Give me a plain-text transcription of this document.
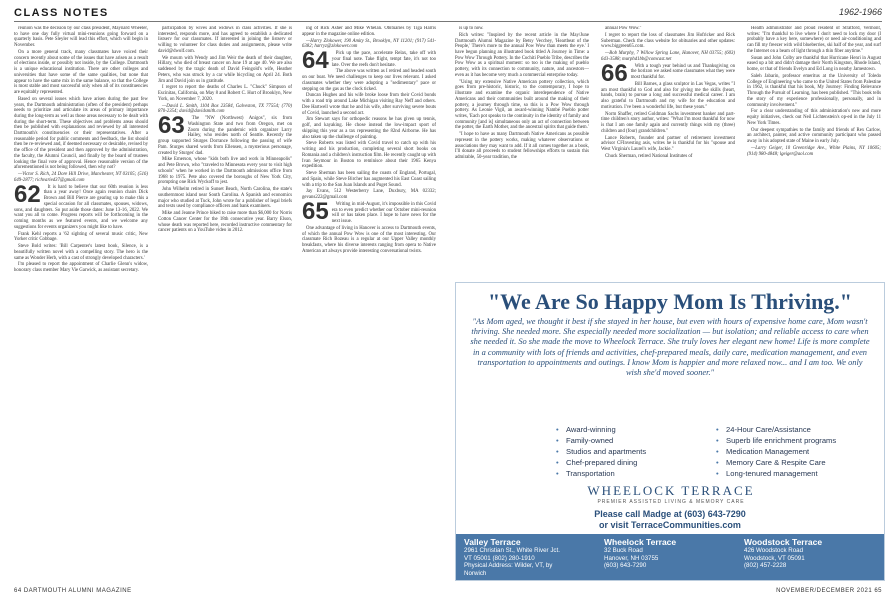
CLASS NOTES	1962-1966

reunion was the decision by our class president, Maynard Wheeler, to have one day fully virtual mini-reunions going forward on a quarterly basis. Pete Sleyler will lead this effort, which will begin in November.

On a more general track, many classmates have voiced their concern recently about some of the issues that have arisen as a result of elections inside, or possibly not inside, by the College. Dartmouth is a unique educational institution. There are other colleges and universities that have some of the same qualities, but none that appear to have the same mix in the same balance, so that the College is most stable and most successful only when all of its constituencies are equitably represented.

Based on several issues which have arisen during the past few years, the Dartmouth administration (often of the president) perhaps needs to prioritize and articulate its areas of primary importance during the long-term as well as those areas necessary to be dealt with during the short-term. These objectives and problems areas should then be published with explanations and reviewed by all interested Dartmouth's constituencies or their representatives. After a reasonable period for public comments and feedback, the list should then be re-reviewed and, if deemed necessary or desirable, revised by the office of the president and then approved by the administration, the faculty, the Alumni Council, and finally by the board of trustees looking the final vote of approval. Hence reasonable version of the aforementioned is not being followed, then why not?

—Victor S. Rich, 24 Dore Hill Drive, Manchester, NT 03105; (516) 649-2877; richvaried37@gmail.com

62	It is hard to believe that our 60th reunion is less than a year away! Once again reunion chairs Dick Brown and Bill Pierce are gearing up to make this a special occasion for all classmates, spouses, widows, sons, and daughters. So put aside those dates: June 13-16, 2022. We want you all to come. Progress reports will be forthcoming in the coming months as we featured events, and we welcome any suggestions for events organizers you might like to have.

Frank Kehl reports a '62 sighting of several music critic, New Yorker critic Cobbage.

Steve Bold writes: 'Bill Carpenter's latest book, Silence, is a beautifully written novel with a compelling story. The hero is the same as Wonder Herb, with a cast of strongly developed characters.'

I'm pleased to report the appointment of Charlie Glenn's widow, honorary class member Mary Vie Garwick, as assistant secretary.

participation by wives and widows in class activities. If she is interested, responds more, and has agreed to establish a dedicated listserv for our classmates. If interested in joining the listserv or willing to volunteer for class duties and assignments, please write david@dwolf.com.

We mourn with Wendy and Jim Weir the death of their daughter, Hillary, who died of breast cancer on June 19 at age 40. We are also saddened by the tragic death of David Feingold's wife, Heather Peters, who was struck by a car while bicycling on April 24. Both Jim and David join us in gratitude.

I regret to report the deaths of Charles L. "Chuck" Simpson of Escinitas, California, on May 8 and Robert C. Hurt of Brooklyn, New York, on November 7, 2020.

—David L. Smith, 1104 Box 23584, Galveston, TX 77554; (770) 870-2354; david@davidsmith.com

63	The "NW (Northwest) Anigos", six from Washington State and two from Oregon, met on Zoom during the pandemic with organizer Larry Hailey, who resides north of Seattle. Recently the group supported Sturges Dorrance following the passing of wife Pam. Sturges shared words from Ellensen, a mysterious personage, created by Sturges' dad.

Mike Emerson, whose "kids both live and work in Minneapolis" and Pete Brown, who "traveled to Minnesota every year to visit high schools" when he worked in the Dartmouth admissions office from 1968 to 1975. Pete also covered the boroughs of New York City, prompting one Rick Wyckoff to jest.

John Wilhelm retired in Sunset Beach, North Carolina, the state's southernmost island near South Carolina. A Spanish and economics major who studied at Tuck, John wrote for a publisher of legal briefs and texts used by compliance officers and bank examiners.

Mike and Jeanne Prince biked to raise more than $6,000 for Norris Cotton Cancer Center for the 18th consecutive year. Barry Elson, whose death was reported here, recorded instructive commentary for cancer patients on a YouTube video in 2012.

ing of Rick Asher and Mike Whelan. Obituaries by Tiga Harris appear in the magazine online edition.

—Harry Zlokower, 190 Amity St., Brooklyn, NY 11201; (917) 541-6382; harryz@zlokower.com

64	Pick up the pace, accelerate Relax, take off with your final note. Take flight, tempt fate, it's not too late. Over the reefs don't hesitate.

The above was written as I retired and headed south on our boat. We need challenges to keep our lives relevant. I asked classmates whether they were adopting a "sedimentary" pace or stepping on the gas as the clock ticked.

Duncan Hughes and his wife broke loose from their Covid bonds with a road trip around Lake Michigan visiting Ray Neff and others. Dee Hartwell wrote that he and his wife, after surviving severe bouts of Covid, launched a second act.

Jim Stewart says for orthopedic reasons he has given up tennis, golf, and kayaking. He chose instead the low-impact sport of skipping this year as a tax representing the 82nd Airborne. He has also taken up the challenge of painting.

Steve Roberts was listed with Covid travel to catch up with his writing and his production, completing several short books on Romania and a children's instruction film. He recently caught up with Ivan Seymour in Boston to reminisce about their 1965 Kenya expedition.

Steve Sherman has been sailing the coasts of England, Portugal, and Spain, while Steve Bircher has augmented his East Coast sailing with a trip to the San Juan Islands and Puget Sound.

Jay Evans, 512 Westerberry Lane, Duxbury, MA 02332; gevans222@gmail.com

65	Writing in mid-August, it's impossible in this Covid era to even predict whether our October mini-reunion will or has taken place. I hope to have news for the next issue.

One advantage of living in Hanover is access to Dartmouth events, of which the annual Pow Wow is one of the most interesting. Our classmate Rich Bozeau is a regular at our Upper Valley monthly breakfasts, where his diverse interests ranging from opera to Native American art always provide interesting conversational twists.

is up to now.

Rich writes: "Inspired by the recent article in the May/June Dartmouth Alumni Magazine by Betsy Vecchey, 'Heartbeat of the People,' There's more to the annual Pow Wow than meets the eye.' I have begun planning an illustrated book titled A Journey in Time: a Pow Wow Through Pottery. In the Cochiti Pueblo Tribe, describes the Pow Wow as a spiritual moment: so too is the making of pueblo pottery, with its connection to community, nature, and ancestors—even as it has become very much a commercial enterprise today.

"Using my extensive Native American pottery collection, which goes from pre-historic, historic, to the contemporary, I hope to illustrate and examine the organic interdependence of Native Americans and their communities built around the making of their pottery, a journey through time, so this is a Pow Wow through pottery. As Leonie Vigil, an award-winning Nambé Pueblo potter writes, 'Each pot speaks to the continuity in the identity of family and community [and is] simultaneous only an act of connection between the potter, the Earth Mother, and the ancestral spirits that guide them.'

"I hope to have as many Dartmouth Native Americans as possible represent in the pottery works, making whatever observations or associations they may want to add. If it all comes together as a book, I'll donate all proceeds to student fellowships efforts to sustain this admirable, 50-year tradition, the

annual Pow Wow."

I regret to report the loss of classmates Jim Hofricker and Rick Suberman. Check the class website for obituaries and other updates: www.biggreen65.com.

—Bob Murphy, 7 Willow Spring Lane, Hanover, NH 03755; (603) 643-3588; murphd1bb@comcast.net

66	With a tough year behind us and Thanksgiving on the horizon we asked some classmates what they were most thankful for.

Bill Barnes, a glass sculptor in Las Vegas, writes "I am most thankful to God and also for giving me the skills (heart, hands, brain) to pursue a long and successful medical career. I am also grateful to Dartmouth and my wife for the education and motivation. I've been a wonderful life, but these years."

Norm Shaffer, retired Goldman Sachs investment banker and part-time children's story author, writes: "What I'm most thankful for now is that I am one family again and currently things with my (three) children and (four) grandchildren."

Lance Roberts, founder and partner of retirement investment advisor CFInvesting asis, writes he is thankful for his "spouse and West Virginia's Laurel's wife, Jackie."

Chuck Sherman, retired National Institutes of

Health administrator and proud resident of Stratford, Vermont, writes: "I'm thankful to live where I don't need to lock my door (I probably have a key here, somewhere) or need air-conditioning and can fill my freezer with wild blueberries, ski half of the year, and surf the Internet on a beam of light through a thin fiber anytime."

Susan and John Colby are thankful that Hurricane Henri in August eased up a bit and didn't damage their North Kingston, Rhode Island, home, or that of friends Evelyn and Ed Long in nearby Jamestown.

Saleh Jabarin, professor emeritus at the University of Toledo College of Engineering who came to the United States from Palestine in 1962, is thankful that his book, My Journey: Finding Relevance Through the Pursuit of Learning, has been published. "This book tells the story of my experience professionally, personally, and in community involvement."

For a clear understanding of this administration's new and more equity initiatives, check out Neil Lichtenstein's op-ed in the July 11 New York Times.

Our deepest sympathies to the family and friends of Rex Carlow, an architect, painter, and active community participant who passed away in his adopted state of Maine in early July.

—Larry Geiger, 10 Greenridge Ave., White Plains, NY 10605; (914) 980-4848; lgeiger@aol.com

"We Are So Happy Mom Is Thriving."
"As Mom aged, we thought it best if she stayed in her house, but even with hours of expensive home care, Mom wasn't thriving. She needed more. She especially needed more socialization — but isolation; and reliable access to care when she needed it. So she made the move to Wheelock Terrace. She truly loves her elegant new home! Life is more complete in a community with lots of friends and activities, chef-prepared meals, daily care, medication management, and even transportation to appointments and outings. I know Mom is happier and more relaxed now... and I am too. We only wish she'd moved sooner."
• Award-winning
• Family-owned
• Studios and apartments
• Chef-prepared dining
• Transportation
• 24-Hour Care/Assistance
• Superb life enrichment programs
• Medication Management
• Memory Care & Respite Care
• Long-tenured management
WHEELOCK TERRACE
PREMIER ASSISTED LIVING & MEMORY CARE
Please call Madge at (603) 643-7290
or visit TerraceCommunities.com
Valley Terrace
2961 Christian St., White River Jct.
VT 05001 (802) 280-1910
Physical Address: Wilder, VT, by Norwich
Wheelock Terrace
32 Buck Road
Hanover, NH 03755
(603) 643-7290
Woodstock Terrace
426 Woodstock Road
Woodstock, VT 05091
(802) 457-2228
64 DARTMOUTH ALUMNI MAGAZINE	NOVEMBER/DECEMBER 2021 65
